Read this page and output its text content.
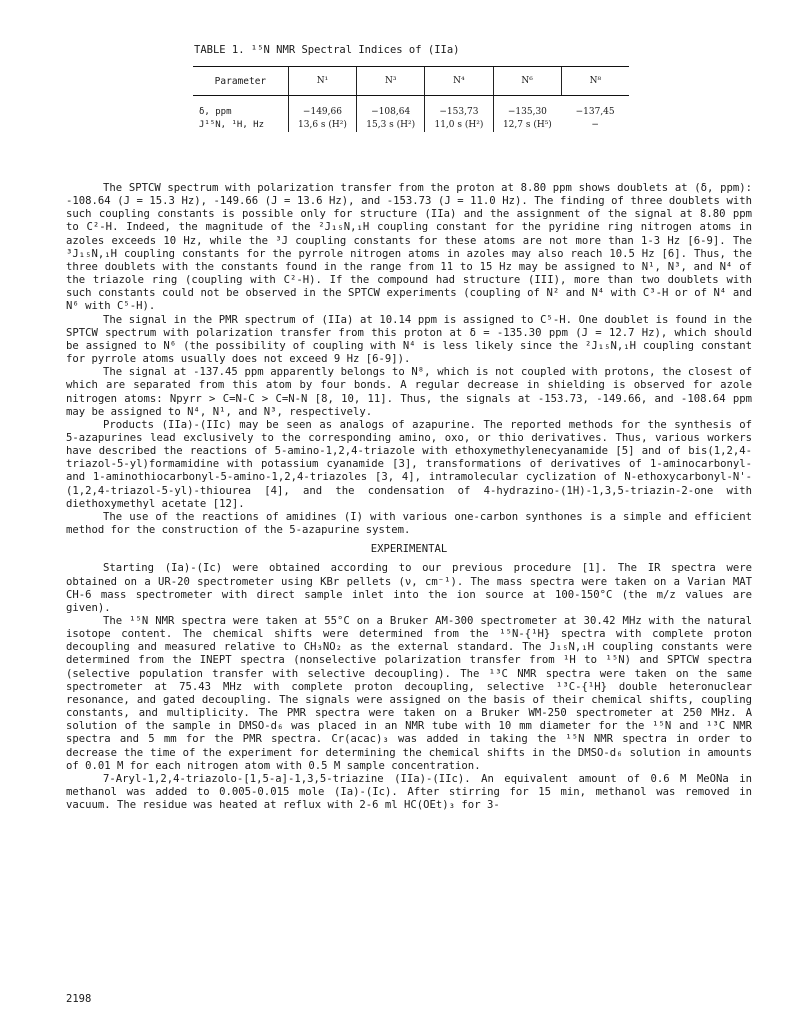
TABLE 1. ¹⁵N NMR Spectral Indices of (IIa)
Parameter	N¹	N³	N⁴	N⁶	N⁸

δ, ppm	−149,66	−108,64	−153,73	−135,30	−137,45
J¹⁵N, ¹H, Hz	13,6 s (H²)	15,3 s (H²)	11,0 s (H²)	12,7 s (H⁵)	−

The SPTCW spectrum with polarization transfer from the proton at 8.80 ppm shows doublets at (δ, ppm): -108.64 (J = 15.3 Hz), -149.66 (J = 13.6 Hz), and -153.73 (J = 11.0 Hz). The finding of three doublets with such coupling constants is possible only for structure (IIa) and the assignment of the signal at 8.80 ppm to C²-H. Indeed, the magnitude of the ²J₁₅N,₁H coupling constant for the pyridine ring nitrogen atoms in azoles exceeds 10 Hz, while the ³J coupling constants for these atoms are not more than 1-3 Hz [6-9]. The ³J₁₅N,₁H coupling constants for the pyrrole nitrogen atoms in azoles may also reach 10.5 Hz [6]. Thus, the three doublets with the constants found in the range from 11 to 15 Hz may be assigned to N¹, N³, and N⁴ of the triazole ring (coupling with C²-H). If the compound had structure (III), more than two doublets with such constants could not be observed in the SPTCW experiments (coupling of N² and N⁴ with C³-H or of N⁴ and N⁶ with C⁵-H).

The signal in the PMR spectrum of (IIa) at 10.14 ppm is assigned to C⁵-H. One doublet is found in the SPTCW spectrum with polarization transfer from this proton at δ = -135.30 ppm (J = 12.7 Hz), which should be assigned to N⁶ (the possibility of coupling with N⁴ is less likely since the ²J₁₅N,₁H coupling constant for pyrrole atoms usually does not exceed 9 Hz [6-9]).

The signal at -137.45 ppm apparently belongs to N⁸, which is not coupled with protons, the closest of which are separated from this atom by four bonds. A regular decrease in shielding is observed for azole nitrogen atoms: Npyrr > C=N-C > C=N-N [8, 10, 11]. Thus, the signals at -153.73, -149.66, and -108.64 ppm may be assigned to N⁴, N¹, and N³, respectively.

Products (IIa)-(IIc) may be seen as analogs of azapurine. The reported methods for the synthesis of 5-azapurines lead exclusively to the corresponding amino, oxo, or thio derivatives. Thus, various workers have described the reactions of 5-amino-1,2,4-triazole with ethoxymethylenecyanamide [5] and of bis(1,2,4-triazol-5-yl)formamidine with potassium cyanamide [3], transformations of derivatives of 1-aminocarbonyl- and 1-aminothiocarbonyl-5-amino-1,2,4-triazoles [3, 4], intramolecular cyclization of N-ethoxycarbonyl-N'-(1,2,4-triazol-5-yl)-thiourea [4], and the condensation of 4-hydrazino-(1H)-1,3,5-triazin-2-one with diethoxymethyl acetate [12].

The use of the reactions of amidines (I) with various one-carbon synthones is a simple and efficient method for the construction of the 5-azapurine system.

EXPERIMENTAL

Starting (Ia)-(Ic) were obtained according to our previous procedure [1]. The IR spectra were obtained on a UR-20 spectrometer using KBr pellets (ν, cm⁻¹). The mass spectra were taken on a Varian MAT CH-6 mass spectrometer with direct sample inlet into the ion source at 100-150°C (the m/z values are given).

The ¹⁵N NMR spectra were taken at 55°C on a Bruker AM-300 spectrometer at 30.42 MHz with the natural isotope content. The chemical shifts were determined from the ¹⁵N-{¹H} spectra with complete proton decoupling and measured relative to CH₃NO₂ as the external standard. The J₁₅N,₁H coupling constants were determined from the INEPT spectra (nonselective polarization transfer from ¹H to ¹⁵N) and SPTCW spectra (selective population transfer with selective decoupling). The ¹³C NMR spectra were taken on the same spectrometer at 75.43 MHz with complete proton decoupling, selective ¹³C-{¹H} double heteronuclear resonance, and gated decoupling. The signals were assigned on the basis of their chemical shifts, coupling constants, and multiplicity. The PMR spectra were taken on a Bruker WM-250 spectrometer at 250 MHz. A solution of the sample in DMSO-d₆ was placed in an NMR tube with 10 mm diameter for the ¹⁵N and ¹³C NMR spectra and 5 mm for the PMR spectra. Cr(acac)₃ was added in taking the ¹⁵N NMR spectra in order to decrease the time of the experiment for determining the chemical shifts in the DMSO-d₆ solution in amounts of 0.01 M for each nitrogen atom with 0.5 M sample concentration.

7-Aryl-1,2,4-triazolo-[1,5-a]-1,3,5-triazine (IIa)-(IIc). An equivalent amount of 0.6 M MeONa in methanol was added to 0.005-0.015 mole (Ia)-(Ic). After stirring for 15 min, methanol was removed in vacuum. The residue was heated at reflux with 2-6 ml HC(OEt)₃ for 3-

2198
